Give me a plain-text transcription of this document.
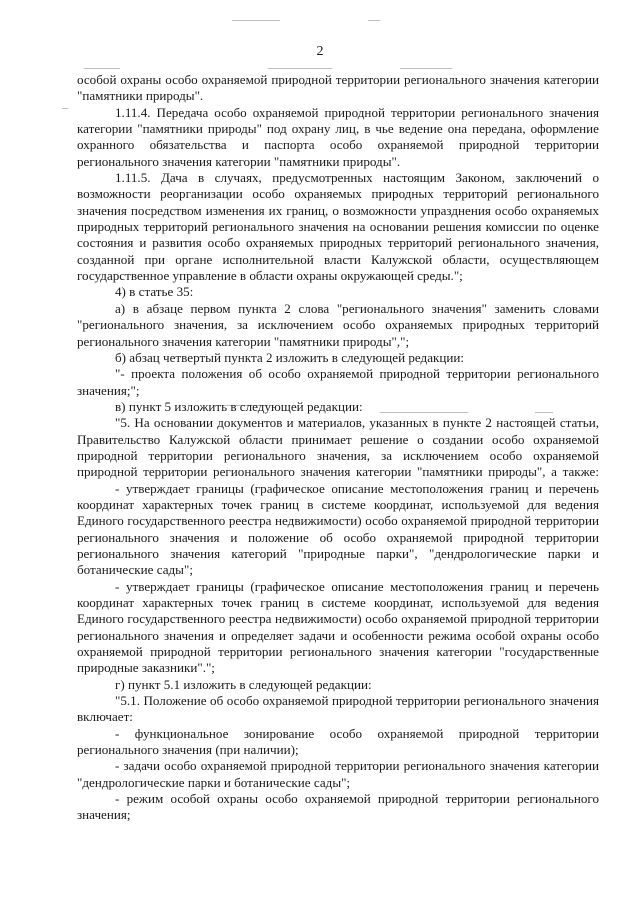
2

особой охраны особо охраняемой природной территории регионального значения категории "памятники природы".

1.11.4. Передача особо охраняемой природной территории регионального значения категории "памятники природы" под охрану лиц, в чье ведение она передана, оформление охранного обязательства и паспорта особо охраняемой природной территории регионального значения категории "памятники природы".

1.11.5. Дача в случаях, предусмотренных настоящим Законом, заключений о возможности реорганизации особо охраняемых природных территорий регионального значения посредством изменения их границ, о возможности упразднения особо охраняемых природных территорий регионального значения на основании решения комиссии по оценке состояния и развития особо охраняемых природных территорий регионального значения, созданной при органе исполнительной власти Калужской области, осуществляющем государственное управление в области охраны окружающей среды.";

4) в статье 35:

а) в абзаце первом пункта 2 слова "регионального значения" заменить словами "регионального значения, за исключением особо охраняемых природных территорий регионального значения категории "памятники природы",";

б) абзац четвертый пункта 2 изложить в следующей редакции:

"- проекта положения об особо охраняемой природной территории регионального значения;";

в) пункт 5 изложить в следующей редакции:

"5. На основании документов и материалов, указанных в пункте 2 настоящей статьи, Правительство Калужской области принимает решение о создании особо охраняемой природной территории регионального значения, за исключением особо охраняемой природной территории регионального значения категории "памятники природы", а также:

- утверждает границы (графическое описание местоположения границ и перечень координат характерных точек границ в системе координат, используемой для ведения Единого государственного реестра недвижимости) особо охраняемой природной территории регионального значения и положение об особо охраняемой природной территории регионального значения категорий "природные парки", "дендрологические парки и ботанические сады";

- утверждает границы (графическое описание местоположения границ и перечень координат характерных точек границ в системе координат, используемой для ведения Единого государственного реестра недвижимости) особо охраняемой природной территории регионального значения и определяет задачи и особенности режима особой охраны особо охраняемой природной территории регионального значения категории "государственные природные заказники".";

г) пункт 5.1 изложить в следующей редакции:

"5.1. Положение об особо охраняемой природной территории регионального значения включает:

- функциональное зонирование особо охраняемой природной территории регионального значения (при наличии);

- задачи особо охраняемой природной территории регионального значения категории "дендрологические парки и ботанические сады";

- режим особой охраны особо охраняемой природной территории регионального значения;
